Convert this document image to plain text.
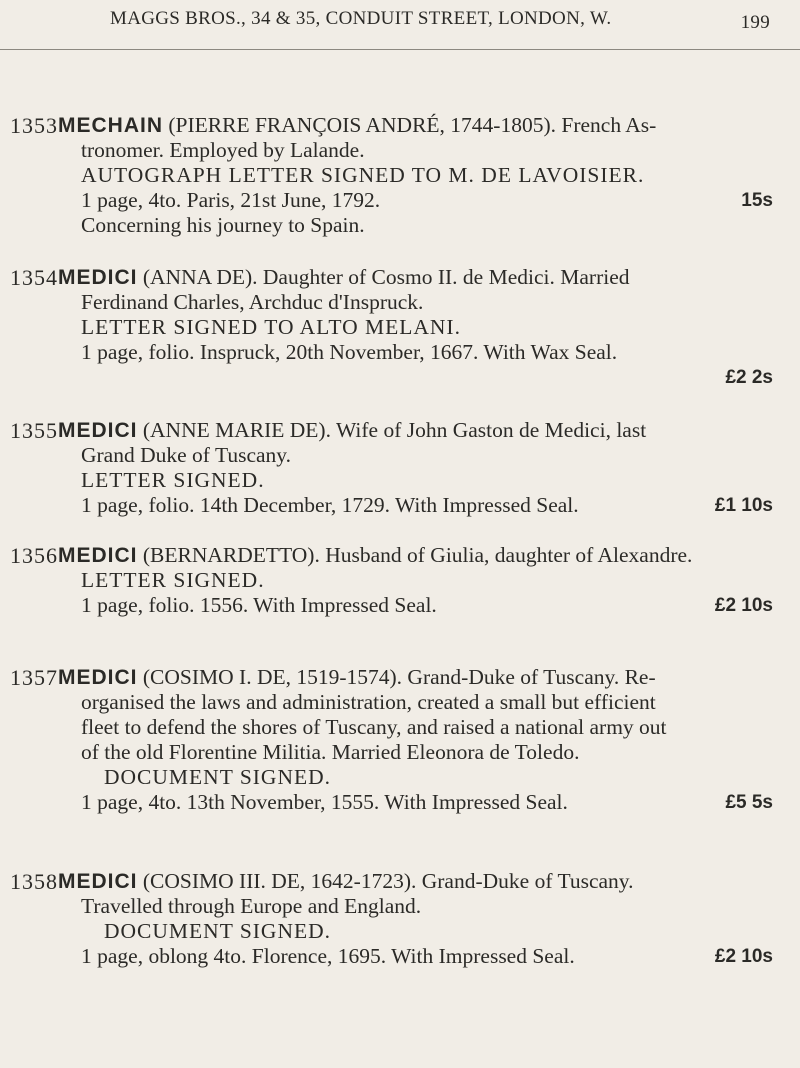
MAGGS BROS., 34 & 35, CONDUIT STREET, LONDON, W.	199
1353 MECHAIN (PIERRE FRANÇOIS ANDRÉ, 1744-1805). French As-
tronomer. Employed by Lalande.
AUTOGRAPH LETTER SIGNED TO M. DE LAVOISIER.
1 page, 4to. Paris, 21st June, 1792.	15s
Concerning his journey to Spain.
1354 MEDICI (ANNA DE). Daughter of Cosmo II. de Medici. Married
Ferdinand Charles, Archduc d'Inspruck.
LETTER SIGNED TO ALTO MELANI.
1 page, folio. Inspruck, 20th November, 1667. With Wax Seal.
£2 2s
1355 MEDICI (ANNE MARIE DE). Wife of John Gaston de Medici, last
Grand Duke of Tuscany.
LETTER SIGNED.
1 page, folio. 14th December, 1729. With Impressed Seal.	£1 10s
1356 MEDICI (BERNARDETTO). Husband of Giulia, daughter of Alexandre.
LETTER SIGNED.
1 page, folio. 1556. With Impressed Seal.	£2 10s
1357 MEDICI (COSIMO I. DE, 1519-1574). Grand-Duke of Tuscany. Re-
organised the laws and administration, created a small but efficient
fleet to defend the shores of Tuscany, and raised a national army out
of the old Florentine Militia. Married Eleonora de Toledo.
DOCUMENT SIGNED.
1 page, 4to. 13th November, 1555. With Impressed Seal.	£5 5s
1358 MEDICI (COSIMO III. DE, 1642-1723). Grand-Duke of Tuscany.
Travelled through Europe and England.
DOCUMENT SIGNED.
1 page, oblong 4to. Florence, 1695. With Impressed Seal.	£2 10s
